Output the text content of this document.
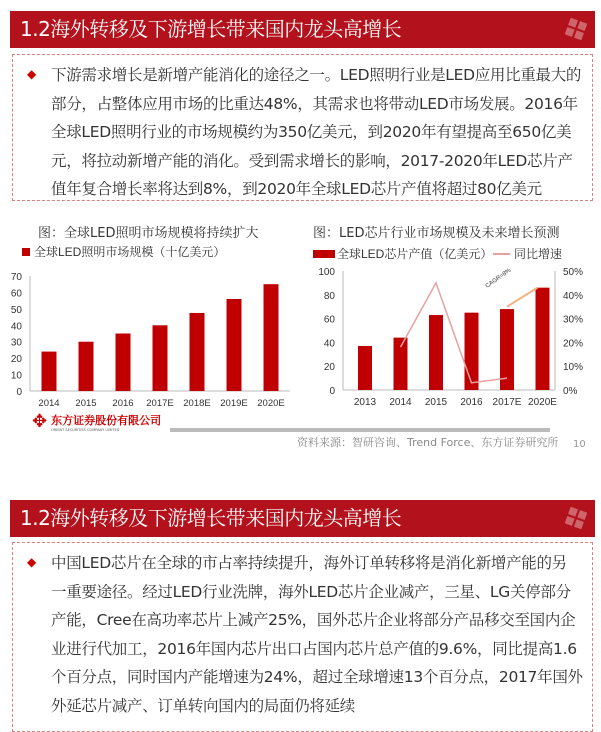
1.2海外转移及下游增长带来国内龙头高增长
◆ 下游需求增长是新增产能消化的途径之一。LED照明行业是LED应用比重最大的
部分，占整体应用市场的比重达48%，其需求也将带动LED市场发展。2016年
全球LED照明行业的市场规模约为350亿美元，到2020年有望提高至650亿美
元，将拉动新增产能的消化。受到需求增长的影响，2017-2020年LED芯片产
值年复合增长率将达到8%，到2020年全球LED芯片产值将超过80亿美元
图：全球LED照明市场规模将持续扩大	图：LED芯片行业市场规模及未来增长预测
全球LED照明市场规模（十亿美元）
0
10
20
30
40
50
60
70
2014 2015 2016 2017E 2018E 2019E 2020E
全球LED芯片产值（亿美元） 同比增速
0
20
40
60
80
100
0%
10%
20%
30%
40%
50%
2013 2014 2015 2016 2017E 2020E
CAGR=8%
✥ 东方证券股份有限公司
ORIENT SECURITIES COMPANY LIMITED
资料来源：智研咨询、Trend Force、东方证券研究所 10
1.2海外转移及下游增长带来国内龙头高增长
◆ 中国LED芯片在全球的市占率持续提升，海外订单转移将是消化新增产能的另
一重要途径。经过LED行业洗牌，海外LED芯片企业减产，三星、LG关停部分
产能，Cree在高功率芯片上减产25%，国外芯片企业将部分产品移交至国内企
业进行代加工，2016年国内芯片出口占国内芯片总产值的9.6%，同比提高1.6
个百分点，同时国内产能增速为24%，超过全球增速13个百分点，2017年国外
外延芯片减产、订单转向国内的局面仍将延续
